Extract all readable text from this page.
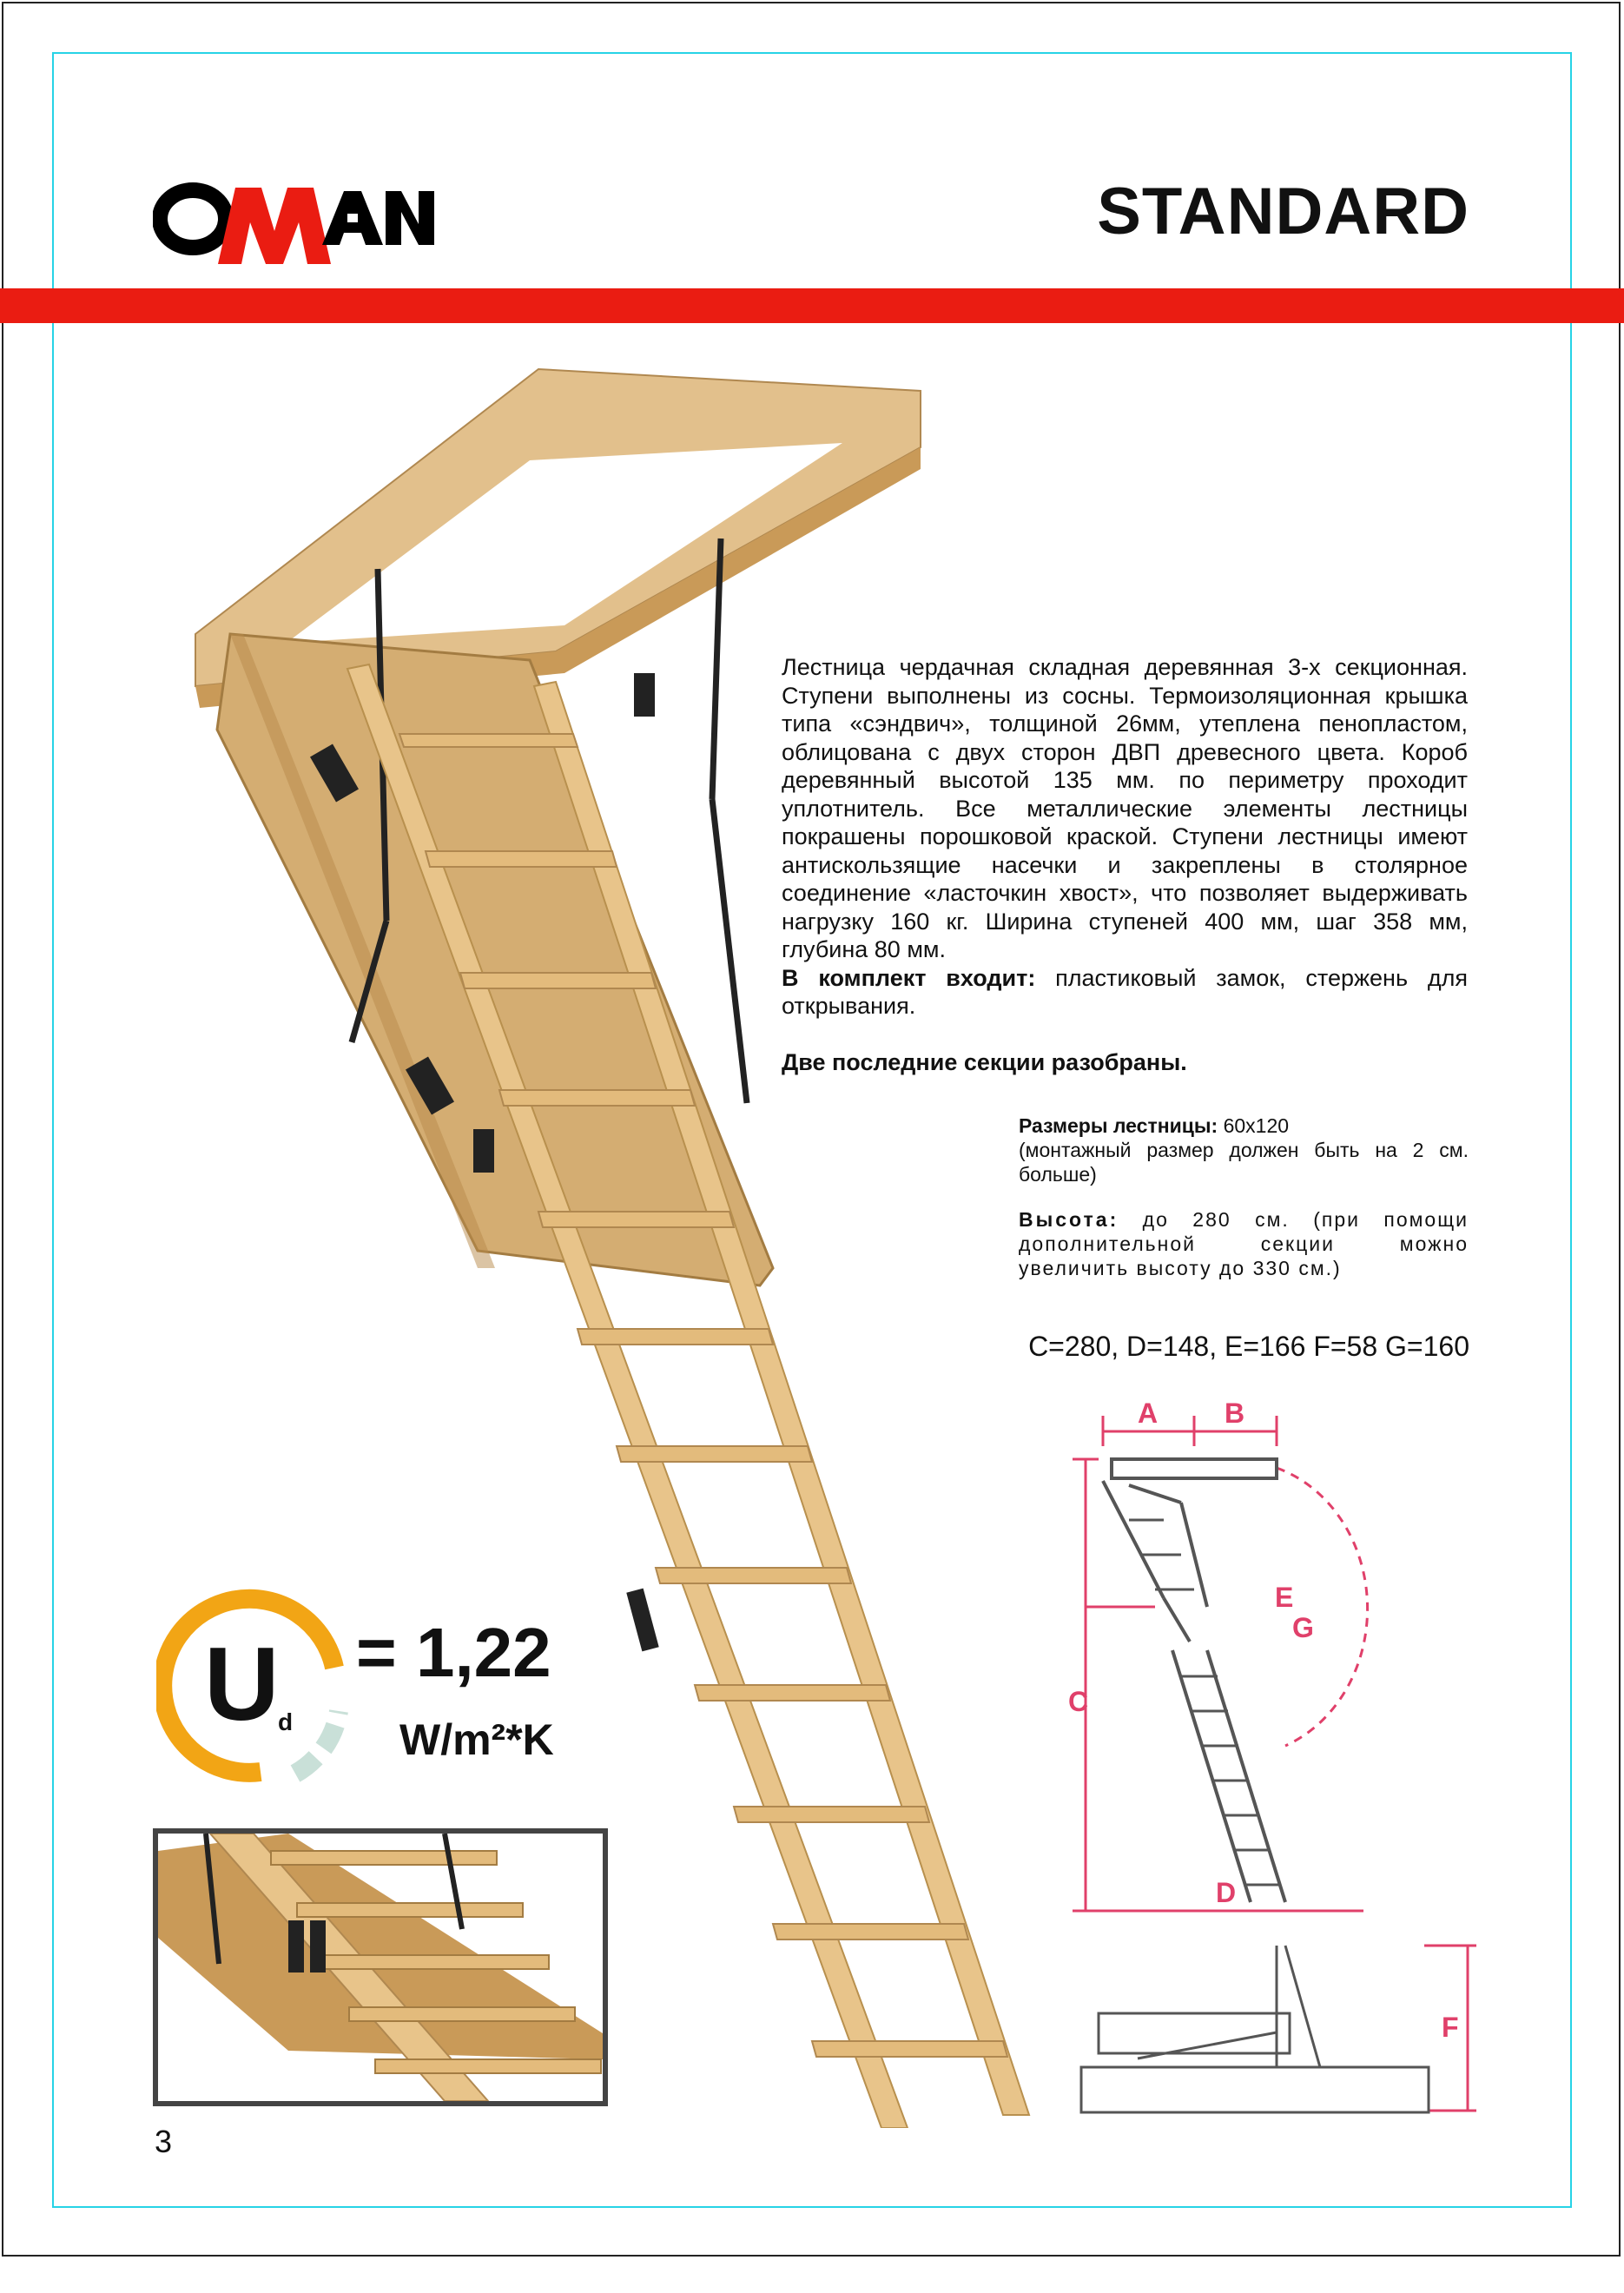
OMAN
STANDARD

Лестница чердачная складная деревянная 3-х секционная. Ступени выполнены из сосны. Термоизоляционная крышка типа «сэндвич», толщиной 26мм, утеплена пенопластом, облицована с двух сторон ДВП древесного цвета. Короб деревянный высотой 135 мм. по периметру проходит уплотнитель. Все металлические элементы лестницы покрашены порошковой краской. Ступени лестницы имеют антискользящие насечки и закреплены в столярное соединение «ласточкин хвост», что позволяет выдерживать нагрузку 160 кг. Ширина ступеней 400 мм, шаг 358 мм, глубина 80 мм.

В комплект входит: пластиковый замок, стержень для открывания.

Две последние секции разобраны.

Размеры лестницы: 60x120
(монтажный размер должен быть на 2 см. больше)

Высота: до 280 см. (при помощи дополнительной секции можно увеличить высоту до 330 см.)

C=280, D=148, E=166 F=58 G=160
U
d
= 1,22
W/m²*K
A B
C
D
E
F
G
3
